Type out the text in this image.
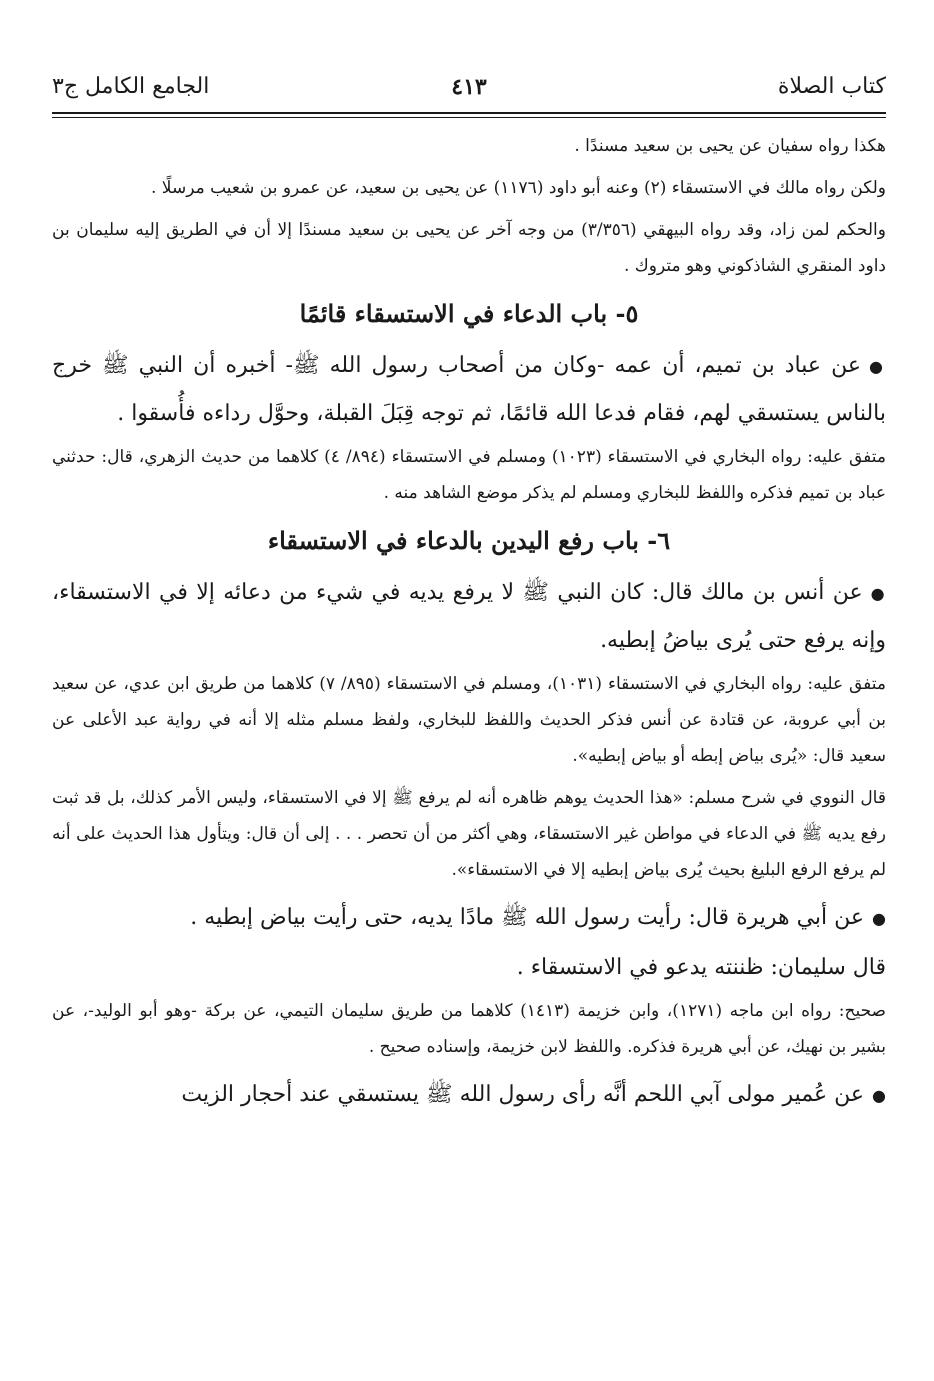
كتاب الصلاة
٤١٣
الجامع الكامل ج٣

هكذا رواه سفيان عن يحيى بن سعيد مسندًا .

ولكن رواه مالك في الاستسقاء (٢) وعنه أبو داود (١١٧٦) عن يحيى بن سعيد، عن عمرو بن شعيب مرسلًا .

والحكم لمن زاد، وقد رواه البيهقي (٣/٣٥٦) من وجه آخر عن يحيى بن سعيد مسندًا إلا أن في الطريق إليه سليمان بن داود المنقري الشاذكوني وهو متروك .

٥- باب الدعاء في الاستسقاء قائمًا

●عن عباد بن تميم، أن عمه -وكان من أصحاب رسول الله ﷺ- أخبره أن النبي ﷺ خرج بالناس يستسقي لهم، فقام فدعا الله قائمًا، ثم توجه قِبَلَ القبلة، وحوَّل رداءه فأُسقوا .

متفق عليه: رواه البخاري في الاستسقاء (١٠٢٣) ومسلم في الاستسقاء (٨٩٤/ ٤) كلاهما من حديث الزهري، قال: حدثني عباد بن تميم فذكره واللفظ للبخاري ومسلم لم يذكر موضع الشاهد منه .

٦- باب رفع اليدين بالدعاء في الاستسقاء

●عن أنس بن مالك قال: كان النبي ﷺ لا يرفع يديه في شيء من دعائه إلا في الاستسقاء، وإنه يرفع حتى يُرى بياضُ إبطيه.

متفق عليه: رواه البخاري في الاستسقاء (١٠٣١)، ومسلم في الاستسقاء (٨٩٥/ ٧) كلاهما من طريق ابن عدي، عن سعيد بن أبي عروبة، عن قتادة عن أنس فذكر الحديث واللفظ للبخاري، ولفظ مسلم مثله إلا أنه في رواية عبد الأعلى عن سعيد قال: «يُرى بياض إبطه أو بياض إبطيه».

قال النووي في شرح مسلم: «هذا الحديث يوهم ظاهره أنه لم يرفع ﷺ إلا في الاستسقاء، وليس الأمر كذلك، بل قد ثبت رفع يديه ﷺ في الدعاء في مواطن غير الاستسقاء، وهي أكثر من أن تحصر . . . إلى أن قال: ويتأول هذا الحديث على أنه لم يرفع الرفع البليغ بحيث يُرى بياض إبطيه إلا في الاستسقاء».

●عن أبي هريرة قال: رأيت رسول الله ﷺ مادًا يديه، حتى رأيت بياض إبطيه .

قال سليمان: ظننته يدعو في الاستسقاء .

صحيح: رواه ابن ماجه (١٢٧١)، وابن خزيمة (١٤١٣) كلاهما من طريق سليمان التيمي، عن بركة -وهو أبو الوليد-، عن بشير بن نهيك، عن أبي هريرة فذكره. واللفظ لابن خزيمة، وإسناده صحيح .

●عن عُمير مولى آبي اللحم أنَّه رأى رسول الله ﷺ يستسقي عند أحجار الزيت
